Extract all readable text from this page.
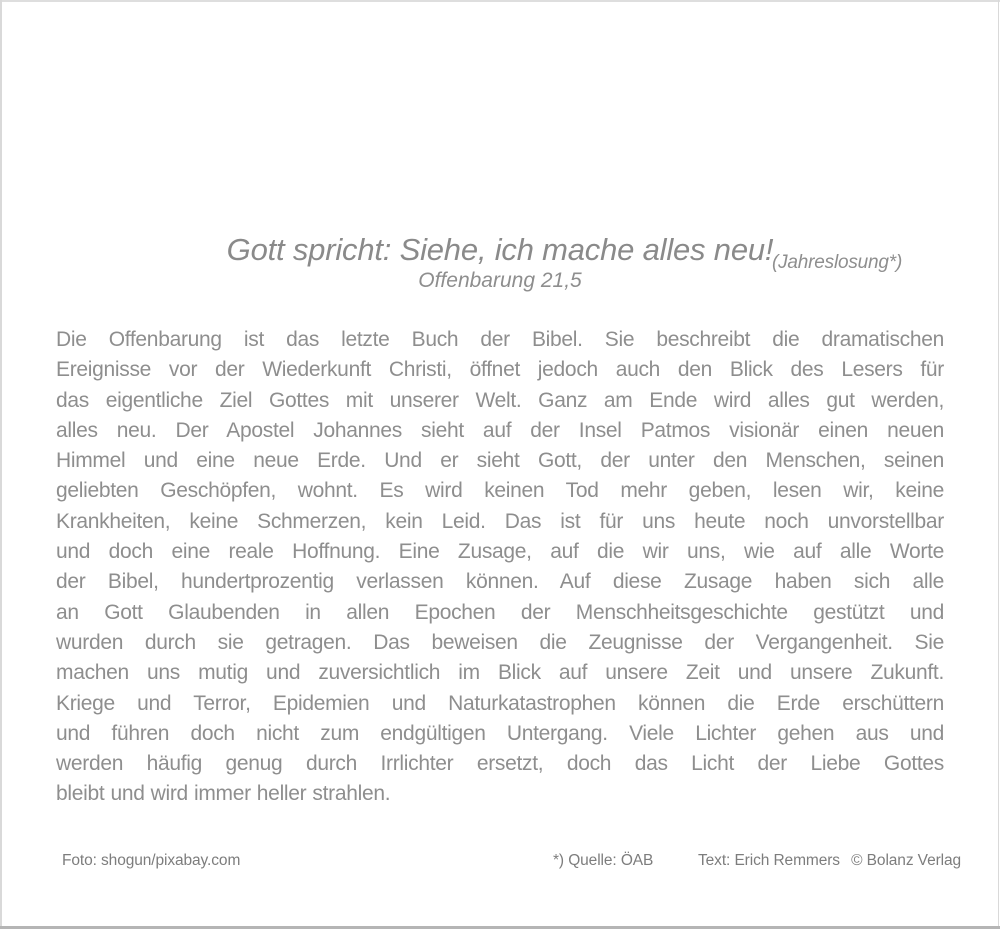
Gott spricht: Siehe, ich mache alles neu!
(Jahreslosung*)
Offenbarung 21,5
Die Offenbarung ist das letzte Buch der Bibel. Sie beschreibt die dramatischen
Ereignisse vor der Wiederkunft Christi, öffnet jedoch auch den Blick des Lesers für
das eigentliche Ziel Gottes mit unserer Welt. Ganz am Ende wird alles gut werden,
alles neu. Der Apostel Johannes sieht auf der Insel Patmos visionär einen neuen
Himmel und eine neue Erde. Und er sieht Gott, der unter den Menschen, seinen
geliebten Geschöpfen, wohnt. Es wird keinen Tod mehr geben, lesen wir, keine
Krankheiten, keine Schmerzen, kein Leid. Das ist für uns heute noch unvorstellbar
und doch eine reale Hoffnung. Eine Zusage, auf die wir uns, wie auf alle Worte
der Bibel, hundertprozentig verlassen können. Auf diese Zusage haben sich alle
an Gott Glaubenden in allen Epochen der Menschheitsgeschichte gestützt und
wurden durch sie getragen. Das beweisen die Zeugnisse der Vergangenheit. Sie
machen uns mutig und zuversichtlich im Blick auf unsere Zeit und unsere Zukunft.
Kriege und Terror, Epidemien und Naturkatastrophen können die Erde erschüttern
und führen doch nicht zum endgültigen Untergang. Viele Lichter gehen aus und
werden häufig genug durch Irrlichter ersetzt, doch das Licht der Liebe Gottes
bleibt und wird immer heller strahlen.
Foto: shogun/pixabay.com	*) Quelle: ÖAB	Text: Erich Remmers © Bolanz Verlag
